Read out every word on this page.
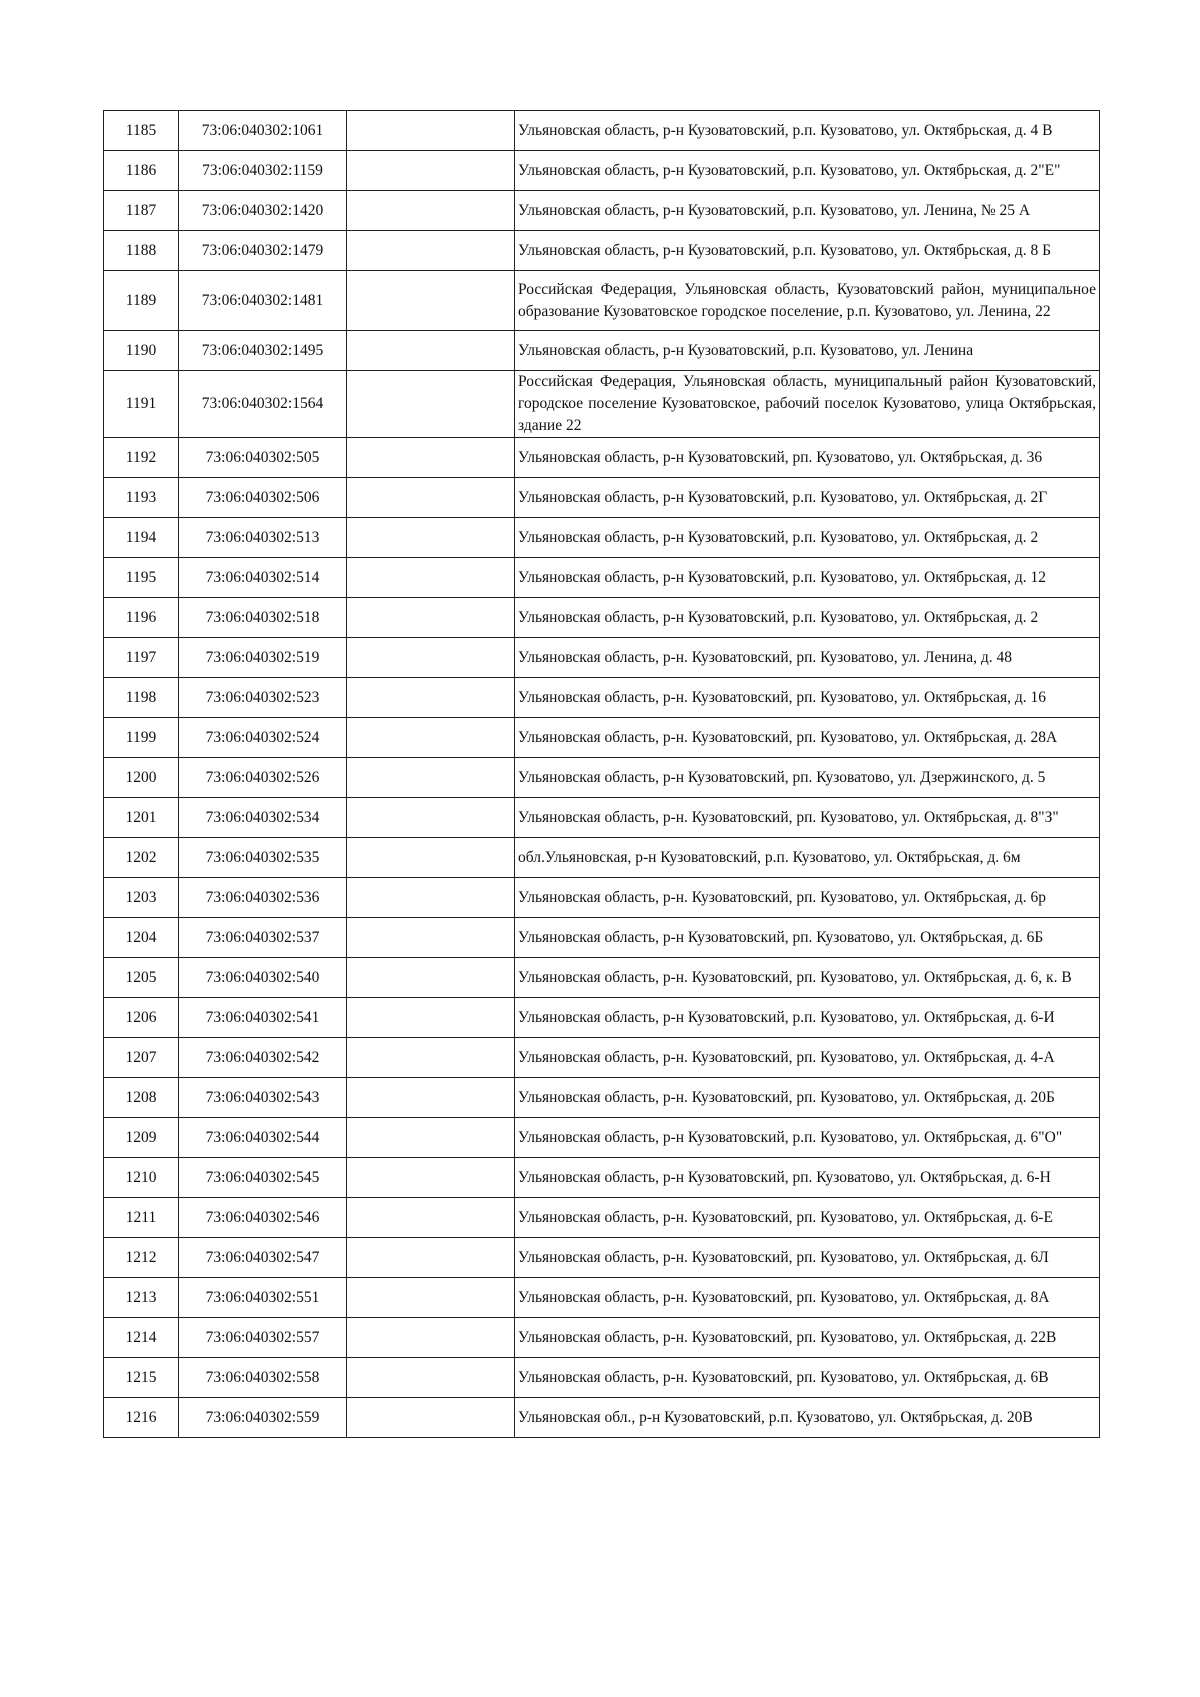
1185	73:06:040302:1061		Ульяновская область, р-н Кузоватовский, р.п. Кузоватово, ул. Октябрьская, д. 4 В
1186	73:06:040302:1159		Ульяновская область, р-н Кузоватовский, р.п. Кузоватово, ул. Октябрьская, д. 2"Е"
1187	73:06:040302:1420		Ульяновская область, р-н Кузоватовский, р.п. Кузоватово, ул. Ленина, № 25 А
1188	73:06:040302:1479		Ульяновская область, р-н Кузоватовский, р.п. Кузоватово, ул. Октябрьская, д. 8 Б
1189	73:06:040302:1481		Российская Федерация, Ульяновская область, Кузоватовский район, муниципальное образование Кузоватовское городское поселение, р.п. Кузоватово, ул. Ленина, 22
1190	73:06:040302:1495		Ульяновская область, р-н Кузоватовский, р.п. Кузоватово, ул. Ленина
1191	73:06:040302:1564		Российская Федерация, Ульяновская область, муниципальный район Кузоватовский, городское поселение Кузоватовское, рабочий поселок Кузоватово, улица Октябрьская, здание 22
1192	73:06:040302:505		Ульяновская область, р-н Кузоватовский, рп. Кузоватово, ул. Октябрьская, д. 36
1193	73:06:040302:506		Ульяновская область, р-н Кузоватовский, р.п. Кузоватово, ул. Октябрьская, д. 2Г
1194	73:06:040302:513		Ульяновская область, р-н Кузоватовский, р.п. Кузоватово, ул. Октябрьская, д. 2
1195	73:06:040302:514		Ульяновская область, р-н Кузоватовский, р.п. Кузоватово, ул. Октябрьская, д. 12
1196	73:06:040302:518		Ульяновская область, р-н Кузоватовский, р.п. Кузоватово, ул. Октябрьская, д. 2
1197	73:06:040302:519		Ульяновская область, р-н. Кузоватовский, рп. Кузоватово, ул. Ленина, д. 48
1198	73:06:040302:523		Ульяновская область, р-н. Кузоватовский, рп. Кузоватово, ул. Октябрьская, д. 16
1199	73:06:040302:524		Ульяновская область, р-н. Кузоватовский, рп. Кузоватово, ул. Октябрьская, д. 28А
1200	73:06:040302:526		Ульяновская область, р-н Кузоватовский, рп. Кузоватово, ул. Дзержинского, д. 5
1201	73:06:040302:534		Ульяновская область, р-н. Кузоватовский, рп. Кузоватово, ул. Октябрьская, д. 8"З"
1202	73:06:040302:535		обл.Ульяновская, р-н Кузоватовский, р.п. Кузоватово, ул. Октябрьская, д. 6м
1203	73:06:040302:536		Ульяновская область, р-н. Кузоватовский, рп. Кузоватово, ул. Октябрьская, д. 6р
1204	73:06:040302:537		Ульяновская область, р-н Кузоватовский, рп. Кузоватово, ул. Октябрьская, д. 6Б
1205	73:06:040302:540		Ульяновская область, р-н. Кузоватовский, рп. Кузоватово, ул. Октябрьская, д. 6, к. В
1206	73:06:040302:541		Ульяновская область, р-н Кузоватовский, р.п. Кузоватово, ул. Октябрьская, д. 6-И
1207	73:06:040302:542		Ульяновская область, р-н. Кузоватовский, рп. Кузоватово, ул. Октябрьская, д. 4-А
1208	73:06:040302:543		Ульяновская область, р-н. Кузоватовский, рп. Кузоватово, ул. Октябрьская, д. 20Б
1209	73:06:040302:544		Ульяновская область, р-н Кузоватовский, р.п. Кузоватово, ул. Октябрьская, д. 6"О"
1210	73:06:040302:545		Ульяновская область, р-н Кузоватовский, рп. Кузоватово, ул. Октябрьская, д. 6-Н
1211	73:06:040302:546		Ульяновская область, р-н. Кузоватовский, рп. Кузоватово, ул. Октябрьская, д. 6-Е
1212	73:06:040302:547		Ульяновская область, р-н. Кузоватовский, рп. Кузоватово, ул. Октябрьская, д. 6Л
1213	73:06:040302:551		Ульяновская область, р-н. Кузоватовский, рп. Кузоватово, ул. Октябрьская, д. 8А
1214	73:06:040302:557		Ульяновская область, р-н. Кузоватовский, рп. Кузоватово, ул. Октябрьская, д. 22В
1215	73:06:040302:558		Ульяновская область, р-н. Кузоватовский, рп. Кузоватово, ул. Октябрьская, д. 6В
1216	73:06:040302:559		Ульяновская обл., р-н Кузоватовский, р.п. Кузоватово, ул. Октябрьская, д. 20В
